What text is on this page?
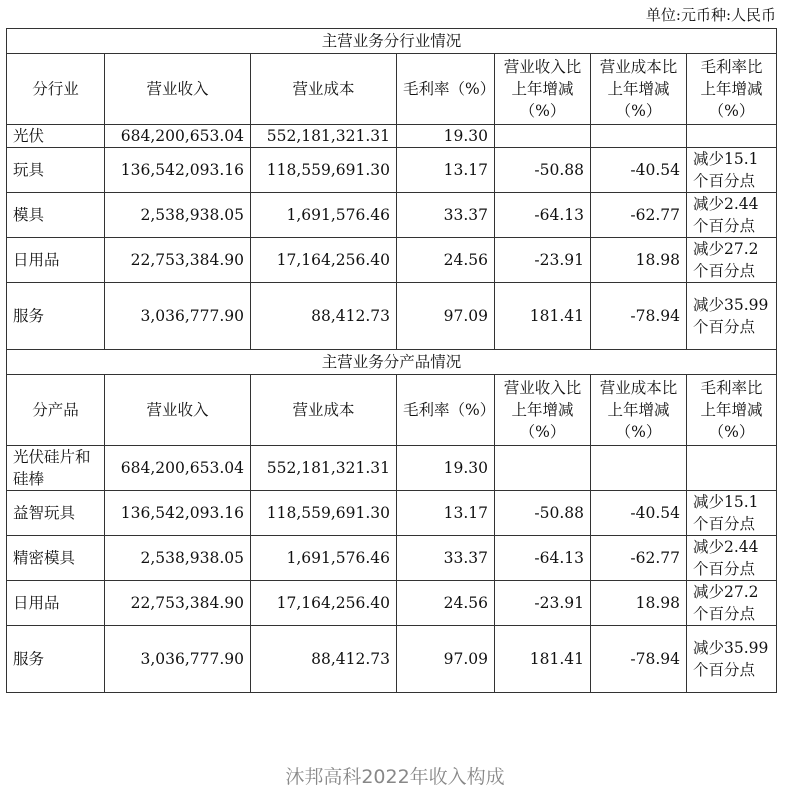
单位:元币种:人民币
主营业务分行业情况						
分行业	营业收入	营业成本	毛利率（%）	营业收入比上年增减（%）	营业成本比上年增减（%）	毛利率比上年增减（%）
光伏	684,200,653.04	552,181,321.31	19.30			
玩具	136,542,093.16	118,559,691.30	13.17	-50.88	-40.54	减少15.1个百分点
模具	2,538,938.05	1,691,576.46	33.37	-64.13	-62.77	减少2.44个百分点
日用品	22,753,384.90	17,164,256.40	24.56	-23.91	18.98	减少27.2个百分点
服务	3,036,777.90	88,412.73	97.09	181.41	-78.94	减少35.99个百分点
主营业务分产品情况						
分产品	营业收入	营业成本	毛利率（%）	营业收入比上年增减（%）	营业成本比上年增减（%）	毛利率比上年增减（%）
光伏硅片和硅棒	684,200,653.04	552,181,321.31	19.30			
益智玩具	136,542,093.16	118,559,691.30	13.17	-50.88	-40.54	减少15.1个百分点
精密模具	2,538,938.05	1,691,576.46	33.37	-64.13	-62.77	减少2.44个百分点
日用品	22,753,384.90	17,164,256.40	24.56	-23.91	18.98	减少27.2个百分点
服务	3,036,777.90	88,412.73	97.09	181.41	-78.94	减少35.99个百分点
沐邦高科2022年收入构成
